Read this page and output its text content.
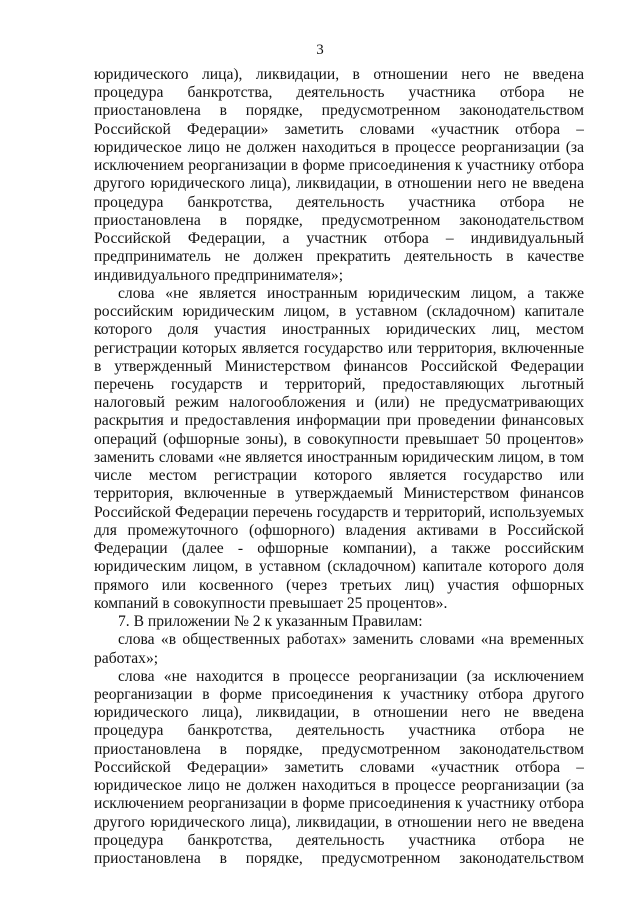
3
юридического лица), ликвидации, в отношении него не введена
процедура банкротства, деятельность участника отбора не
приостановлена в порядке, предусмотренном законодательством
Российской Федерации» заметить словами «участник отбора –
юридическое лицо не должен находиться в процессе реорганизации (за
исключением реорганизации в форме присоединения к участнику отбора
другого юридического лица), ликвидации, в отношении него не введена
процедура банкротства, деятельность участника отбора не
приостановлена в порядке, предусмотренном законодательством
Российской Федерации, а участник отбора – индивидуальный
предприниматель не должен прекратить деятельность в качестве
индивидуального предпринимателя»;
слова «не является иностранным юридическим лицом, а также
российским юридическим лицом, в уставном (складочном) капитале
которого доля участия иностранных юридических лиц, местом
регистрации которых является государство или территория, включенные
в утвержденный Министерством финансов Российской Федерации
перечень государств и территорий, предоставляющих льготный
налоговый режим налогообложения и (или) не предусматривающих
раскрытия и предоставления информации при проведении финансовых
операций (офшорные зоны), в совокупности превышает 50 процентов»
заменить словами «не является иностранным юридическим лицом, в том
числе местом регистрации которого является государство или
территория, включенные в утверждаемый Министерством финансов
Российской Федерации перечень государств и территорий, используемых
для промежуточного (офшорного) владения активами в Российской
Федерации (далее - офшорные компании), а также российским
юридическим лицом, в уставном (складочном) капитале которого доля
прямого или косвенного (через третьих лиц) участия офшорных
компаний в совокупности превышает 25 процентов».
7. В приложении № 2 к указанным Правилам:
слова «в общественных работах» заменить словами «на временных
работах»;
слова «не находится в процессе реорганизации (за исключением
реорганизации в форме присоединения к участнику отбора другого
юридического лица), ликвидации, в отношении него не введена
процедура банкротства, деятельность участника отбора не
приостановлена в порядке, предусмотренном законодательством
Российской Федерации» заметить словами «участник отбора –
юридическое лицо не должен находиться в процессе реорганизации (за
исключением реорганизации в форме присоединения к участнику отбора
другого юридического лица), ликвидации, в отношении него не введена
процедура банкротства, деятельность участника отбора не
приостановлена в порядке, предусмотренном законодательством
